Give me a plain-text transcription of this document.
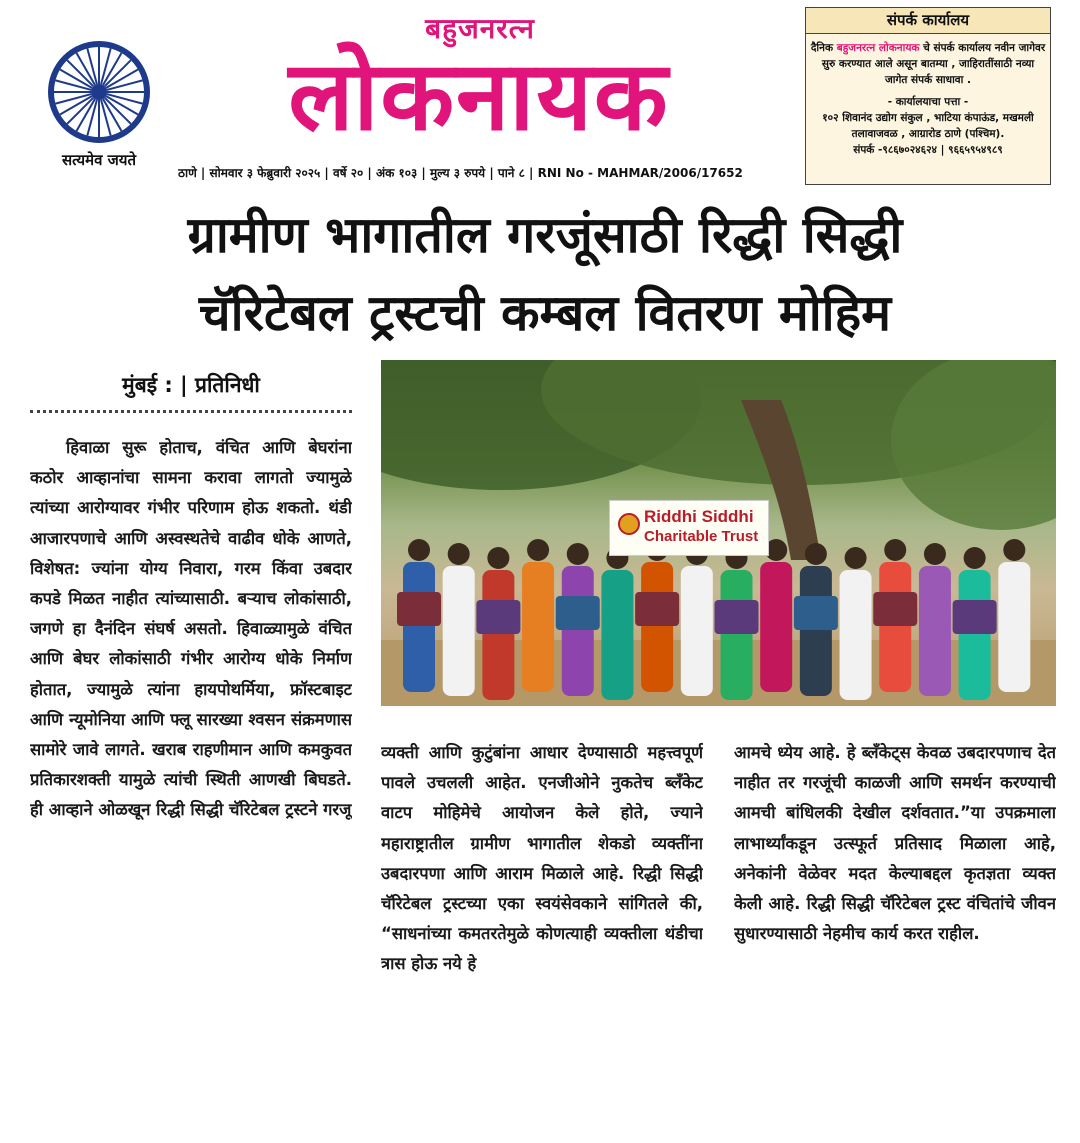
सत्यमेव जयते
बहुजनरत्न
लोकनायक
ठाणे | सोमवार ३ फेब्रुवारी २०२५ | वर्षे २० | अंक १०३ | मुल्य ३ रुपये | पाने ८ | RNI No - MAHMAR/2006/17652
संपर्क कार्यालय
दैनिक बहुजनरत्न लोकनायक चे संपर्क कार्यालय नवीन जागेवर सुरु करण्यात आले असून बातम्या , जाहिरातींसाठी नव्या जागेत संपर्क साधावा .
- कार्यालयाचा पत्ता -
१०२ शिवानंद उद्योग संकुल , भाटिया कंपाऊंड, मखमली तलावाजवळ , आग्रारोड ठाणे (पश्चिम).
संपर्क -९८६७०२४६२४ | ९६६५९५४९८९
ग्रामीण भागातील गरजूंसाठी रिद्धी सिद्धी
चॅरिटेबल ट्रस्टची कम्बल वितरण मोहिम
मुंबई : | प्रतिनिधी

हिवाळा सुरू होताच, वंचित आणि बेघरांना कठोर आव्हानांचा सामना करावा लागतो ज्यामुळे त्यांच्या आरोग्यावर गंभीर परिणाम होऊ शकतो. थंडी आजारपणाचे आणि अस्वस्थतेचे वाढीव धोके आणते, विशेषत: ज्यांना योग्य निवारा, गरम किंवा उबदार कपडे मिळत नाहीत त्यांच्यासाठी. बऱ्याच लोकांसाठी, जगणे हा दैनंदिन संघर्ष असतो. हिवाळ्यामुळे वंचित आणि बेघर लोकांसाठी गंभीर आरोग्य धोके निर्माण होतात, ज्यामुळे त्यांना हायपोथर्मिया, फ्रॉस्टबाइट आणि न्यूमोनिया आणि फ्लू सारख्या श्वसन संक्रमणास सामोरे जावे लागते. खराब राहणीमान आणि कमकुवत प्रतिकारशक्ती यामुळे त्यांची स्थिती आणखी बिघडते. ही आव्हाने ओळखून रिद्धी सिद्धी चॅरिटेबल ट्रस्टने गरजू

Riddhi Siddhi
Charitable Trust

व्यक्ती आणि कुटुंबांना आधार देण्यासाठी महत्त्वपूर्ण पावले उचलली आहेत. एनजीओने नुकतेच ब्लँकेट वाटप मोहिमेचे आयोजन केले होते, ज्याने महाराष्ट्रातील ग्रामीण भागातील शेकडो व्यक्तींना उबदारपणा आणि आराम मिळाले आहे. रिद्धी सिद्धी चॅरिटेबल ट्रस्टच्या एका स्वयंसेवकाने सांगितले की, “साधनांच्या कमतरतेमुळे कोणत्याही व्यक्तीला थंडीचा त्रास होऊ नये हे

आमचे ध्येय आहे. हे ब्लँकेट्स केवळ उबदारपणाच देत नाहीत तर गरजूंची काळजी आणि समर्थन करण्याची आमची बांधिलकी देखील दर्शवतात.”या उपक्रमाला लाभार्थ्यांकडून उत्स्फूर्त प्रतिसाद मिळाला आहे, अनेकांनी वेळेवर मदत केल्याबद्दल कृतज्ञता व्यक्त केली आहे. रिद्धी सिद्धी चॅरिटेबल ट्रस्ट वंचितांचे जीवन सुधारण्यासाठी नेहमीच कार्य करत राहील.
